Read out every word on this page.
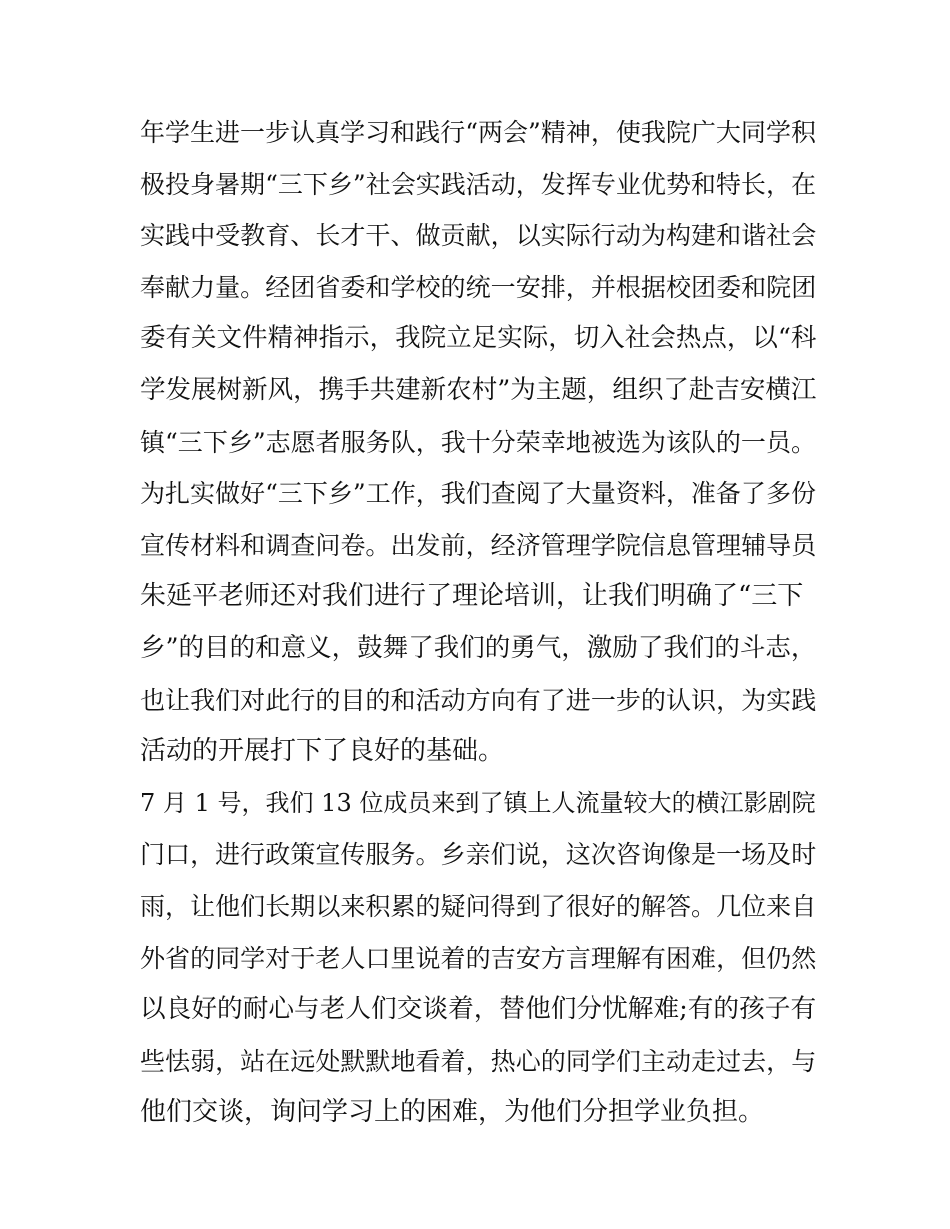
年学生进一步认真学习和践行“两会”精神，使我院广大同学积
极投身暑期“三下乡”社会实践活动，发挥专业优势和特长，在
实践中受教育、长才干、做贡献，以实际行动为构建和谐社会
奉献力量。经团省委和学校的统一安排，并根据校团委和院团
委有关文件精神指示，我院立足实际，切入社会热点，以“科
学发展树新风，携手共建新农村”为主题，组织了赴吉安横江
镇“三下乡”志愿者服务队，我十分荣幸地被选为该队的一员。
为扎实做好“三下乡”工作，我们查阅了大量资料，准备了多份
宣传材料和调查问卷。出发前，经济管理学院信息管理辅导员
朱延平老师还对我们进行了理论培训，让我们明确了“三下
乡”的目的和意义，鼓舞了我们的勇气，激励了我们的斗志，
也让我们对此行的目的和活动方向有了进一步的认识，为实践
活动的开展打下了良好的基础。
7 月 1 号，我们 13 位成员来到了镇上人流量较大的横江影剧院
门口，进行政策宣传服务。乡亲们说，这次咨询像是一场及时
雨，让他们长期以来积累的疑问得到了很好的解答。几位来自
外省的同学对于老人口里说着的吉安方言理解有困难，但仍然
以良好的耐心与老人们交谈着，替他们分忧解难;有的孩子有
些怯弱，站在远处默默地看着，热心的同学们主动走过去，与
他们交谈，询问学习上的困难，为他们分担学业负担。
